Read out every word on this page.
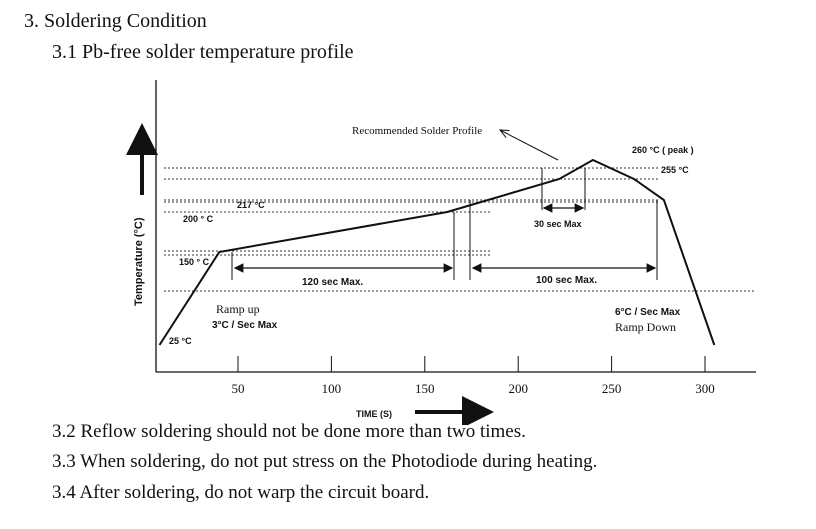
3. Soldering Condition
3.1 Pb-free solder temperature profile
260 °C ( peak )
255 °C
217 °C
200 ° C
150 ° C
25 °C
Recommended Solder Profile
120 sec Max.	100 sec Max.
30 sec Max
Ramp up
3°C / Sec Max
6°C / Sec Max
Ramp Down
Temperature (°C)
TIME (S)
50	100	150	200	250	300
3.2 Reflow soldering should not be done more than two times.
3.3 When soldering, do not put stress on the Photodiode during heating.
3.4 After soldering, do not warp the circuit board.
